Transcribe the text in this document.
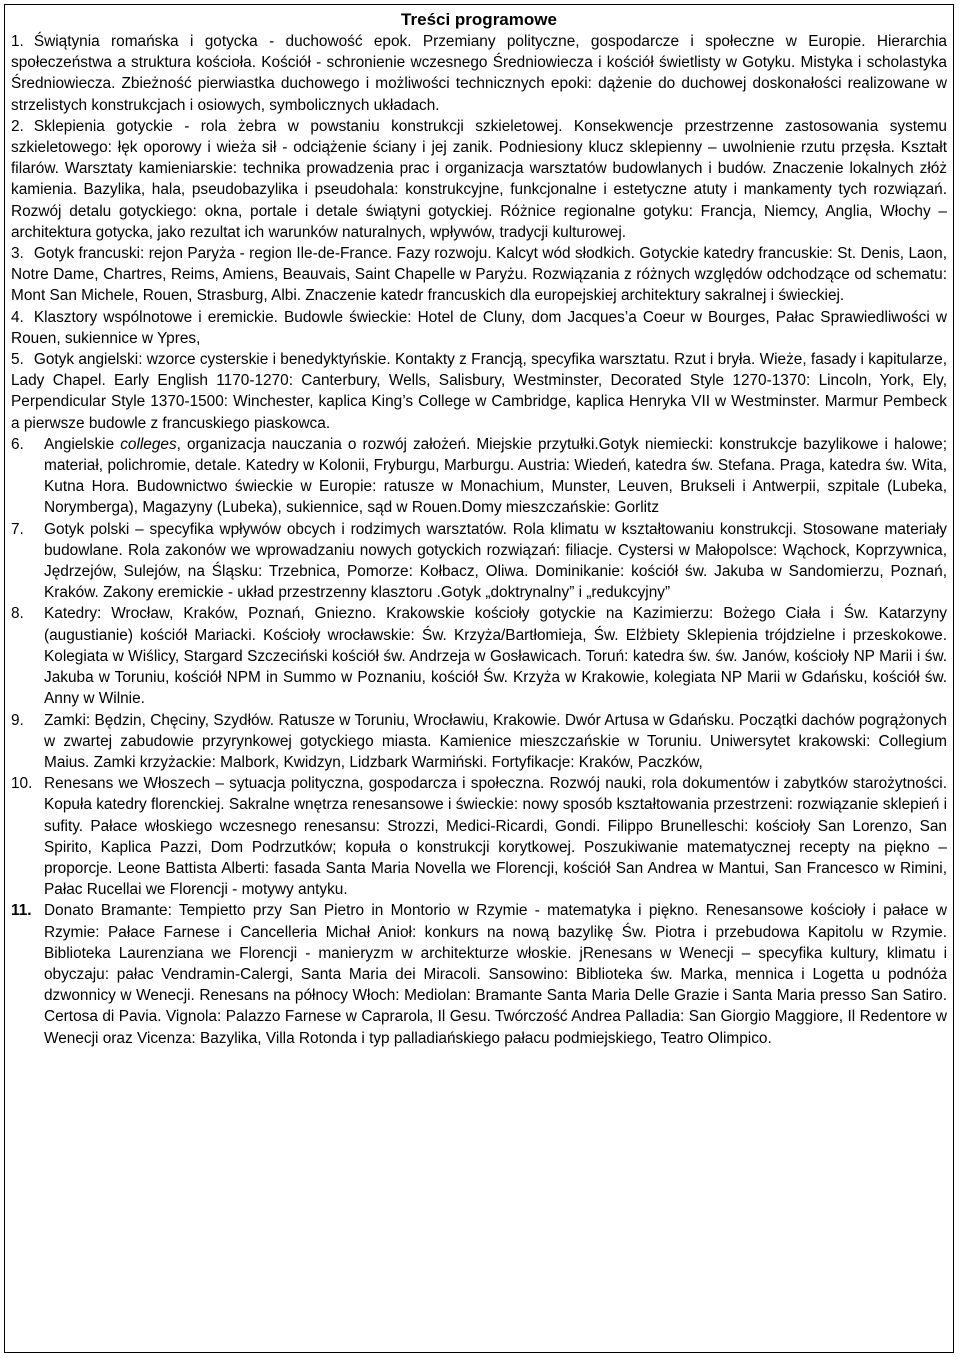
Treści programowe

1. Świątynia romańska i gotycka - duchowość epok. Przemiany polityczne, gospodarcze i społeczne w Europie. Hierarchia społeczeństwa a struktura kościoła. Kościół - schronienie wczesnego Średniowiecza i kościół świetlisty w Gotyku. Mistyka i scholastyka Średniowiecza. Zbieżność pierwiastka duchowego i możliwości technicznych epoki: dążenie do duchowej doskonałości realizowane w strzelistych konstrukcjach i osiowych, symbolicznych układach.

2. Sklepienia gotyckie - rola żebra w powstaniu konstrukcji szkieletowej. Konsekwencje przestrzenne zastosowania systemu szkieletowego: łęk oporowy i wieża sił - odciążenie ściany i jej zanik. Podniesiony klucz sklepienny – uwolnienie rzutu przęsła. Kształt filarów. Warsztaty kamieniarskie: technika prowadzenia prac i organizacja warsztatów budowlanych i budów. Znaczenie lokalnych złóż kamienia. Bazylika, hala, pseudobazylika i pseudohala: konstrukcyjne, funkcjonalne i estetyczne atuty i mankamenty tych rozwiązań. Rozwój detalu gotyckiego: okna, portale i detale świątyni gotyckiej. Różnice regionalne gotyku: Francja, Niemcy, Anglia, Włochy – architektura gotycka, jako rezultat ich warunków naturalnych, wpływów, tradycji kulturowej.

3. Gotyk francuski: rejon Paryża - region Ile-de-France. Fazy rozwoju. Kalcyt wód słodkich. Gotyckie katedry francuskie: St. Denis, Laon, Notre Dame, Chartres, Reims, Amiens, Beauvais, Saint Chapelle w Paryżu. Rozwiązania z różnych względów odchodzące od schematu: Mont San Michele, Rouen, Strasburg, Albi. Znaczenie katedr francuskich dla europejskiej architektury sakralnej i świeckiej.

4. Klasztory wspólnotowe i eremickie. Budowle świeckie: Hotel de Cluny, dom Jacques’a Coeur w Bourges, Pałac Sprawiedliwości w Rouen, sukiennice w Ypres,

5. Gotyk angielski: wzorce cysterskie i benedyktyńskie. Kontakty z Francją, specyfika warsztatu. Rzut i bryła. Wieże, fasady i kapitularze, Lady Chapel. Early English 1170-1270: Canterbury, Wells, Salisbury, Westminster, Decorated Style 1270-1370: Lincoln, York, Ely, Perpendicular Style 1370-1500: Winchester, kaplica King’s College w Cambridge, kaplica Henryka VII w Westminster. Marmur Pembeck a pierwsze budowle z francuskiego piaskowca.

6. Angielskie colleges, organizacja nauczania o rozwój założeń. Miejskie przytułki.Gotyk niemiecki: konstrukcje bazylikowe i halowe; materiał, polichromie, detale. Katedry w Kolonii, Fryburgu, Marburgu. Austria: Wiedeń, katedra św. Stefana. Praga, katedra św. Wita, Kutna Hora. Budownictwo świeckie w Europie: ratusze w Monachium, Munster, Leuven, Brukseli i Antwerpii, szpitale (Lubeka, Norymberga), Magazyny (Lubeka), sukiennice, sąd w Rouen.Domy mieszczańskie: Gorlitz
7. Gotyk polski – specyfika wpływów obcych i rodzimych warsztatów. Rola klimatu w kształtowaniu konstrukcji. Stosowane materiały budowlane. Rola zakonów we wprowadzaniu nowych gotyckich rozwiązań: filiacje. Cystersi w Małopolsce: Wąchock, Koprzywnica, Jędrzejów, Sulejów, na Śląsku: Trzebnica, Pomorze: Kołbacz, Oliwa. Dominikanie: kościół św. Jakuba w Sandomierzu, Poznań, Kraków. Zakony eremickie - układ przestrzenny klasztoru .Gotyk „doktrynalny” i „redukcyjny”
8. Katedry: Wrocław, Kraków, Poznań, Gniezno. Krakowskie kościoły gotyckie na Kazimierzu: Bożego Ciała i Św. Katarzyny (augustianie) kościół Mariacki. Kościoły wrocławskie: Św. Krzyża/Bartłomieja, Św. Elżbiety Sklepienia trójdzielne i przeskokowe. Kolegiata w Wiślicy, Stargard Szczeciński kościół św. Andrzeja w Gosławicach. Toruń: katedra św. św. Janów, kościoły NP Marii i św. Jakuba w Toruniu, kościół NPM in Summo w Poznaniu, kościół Św. Krzyża w Krakowie, kolegiata NP Marii w Gdańsku, kościół św. Anny w Wilnie.
9. Zamki: Będzin, Chęciny, Szydłów. Ratusze w Toruniu, Wrocławiu, Krakowie. Dwór Artusa w Gdańsku. Początki dachów pogrążonych w zwartej zabudowie przyrynkowej gotyckiego miasta. Kamienice mieszczańskie w Toruniu. Uniwersytet krakowski: Collegium Maius. Zamki krzyżackie: Malbork, Kwidzyn, Lidzbark Warmiński. Fortyfikacje: Kraków, Paczków,
10. Renesans we Włoszech – sytuacja polityczna, gospodarcza i społeczna. Rozwój nauki, rola dokumentów i zabytków starożytności. Kopuła katedry florenckiej. Sakralne wnętrza renesansowe i świeckie: nowy sposób kształtowania przestrzeni: rozwiązanie sklepień i sufity. Pałace włoskiego wczesnego renesansu: Strozzi, Medici-Ricardi, Gondi. Filippo Brunelleschi: kościoły San Lorenzo, San Spirito, Kaplica Pazzi, Dom Podrzutków; kopuła o konstrukcji korytkowej. Poszukiwanie matematycznej recepty na piękno – proporcje. Leone Battista Alberti: fasada Santa Maria Novella we Florencji, kościół San Andrea w Mantui, San Francesco w Rimini, Pałac Rucellai we Florencji - motywy antyku.
11. Donato Bramante: Tempietto przy San Pietro in Montorio w Rzymie - matematyka i piękno. Renesansowe kościoły i pałace w Rzymie: Pałace Farnese i Cancelleria Michał Anioł: konkurs na nową bazylikę Św. Piotra i przebudowa Kapitolu w Rzymie. Biblioteka Laurenziana we Florencji - manieryzm w architekturze włoskie. jRenesans w Wenecji – specyfika kultury, klimatu i obyczaju: pałac Vendramin-Calergi, Santa Maria dei Miracoli. Sansowino: Biblioteka św. Marka, mennica i Logetta u podnóża dzwonnicy w Wenecji. Renesans na północy Włoch: Mediolan: Bramante Santa Maria Delle Grazie i Santa Maria presso San Satiro. Certosa di Pavia. Vignola: Palazzo Farnese w Caprarola, Il Gesu. Twórczość Andrea Palladia: San Giorgio Maggiore, Il Redentore w Wenecji oraz Vicenza: Bazylika, Villa Rotonda i typ palladiańskiego pałacu podmiejskiego, Teatro Olimpico.
